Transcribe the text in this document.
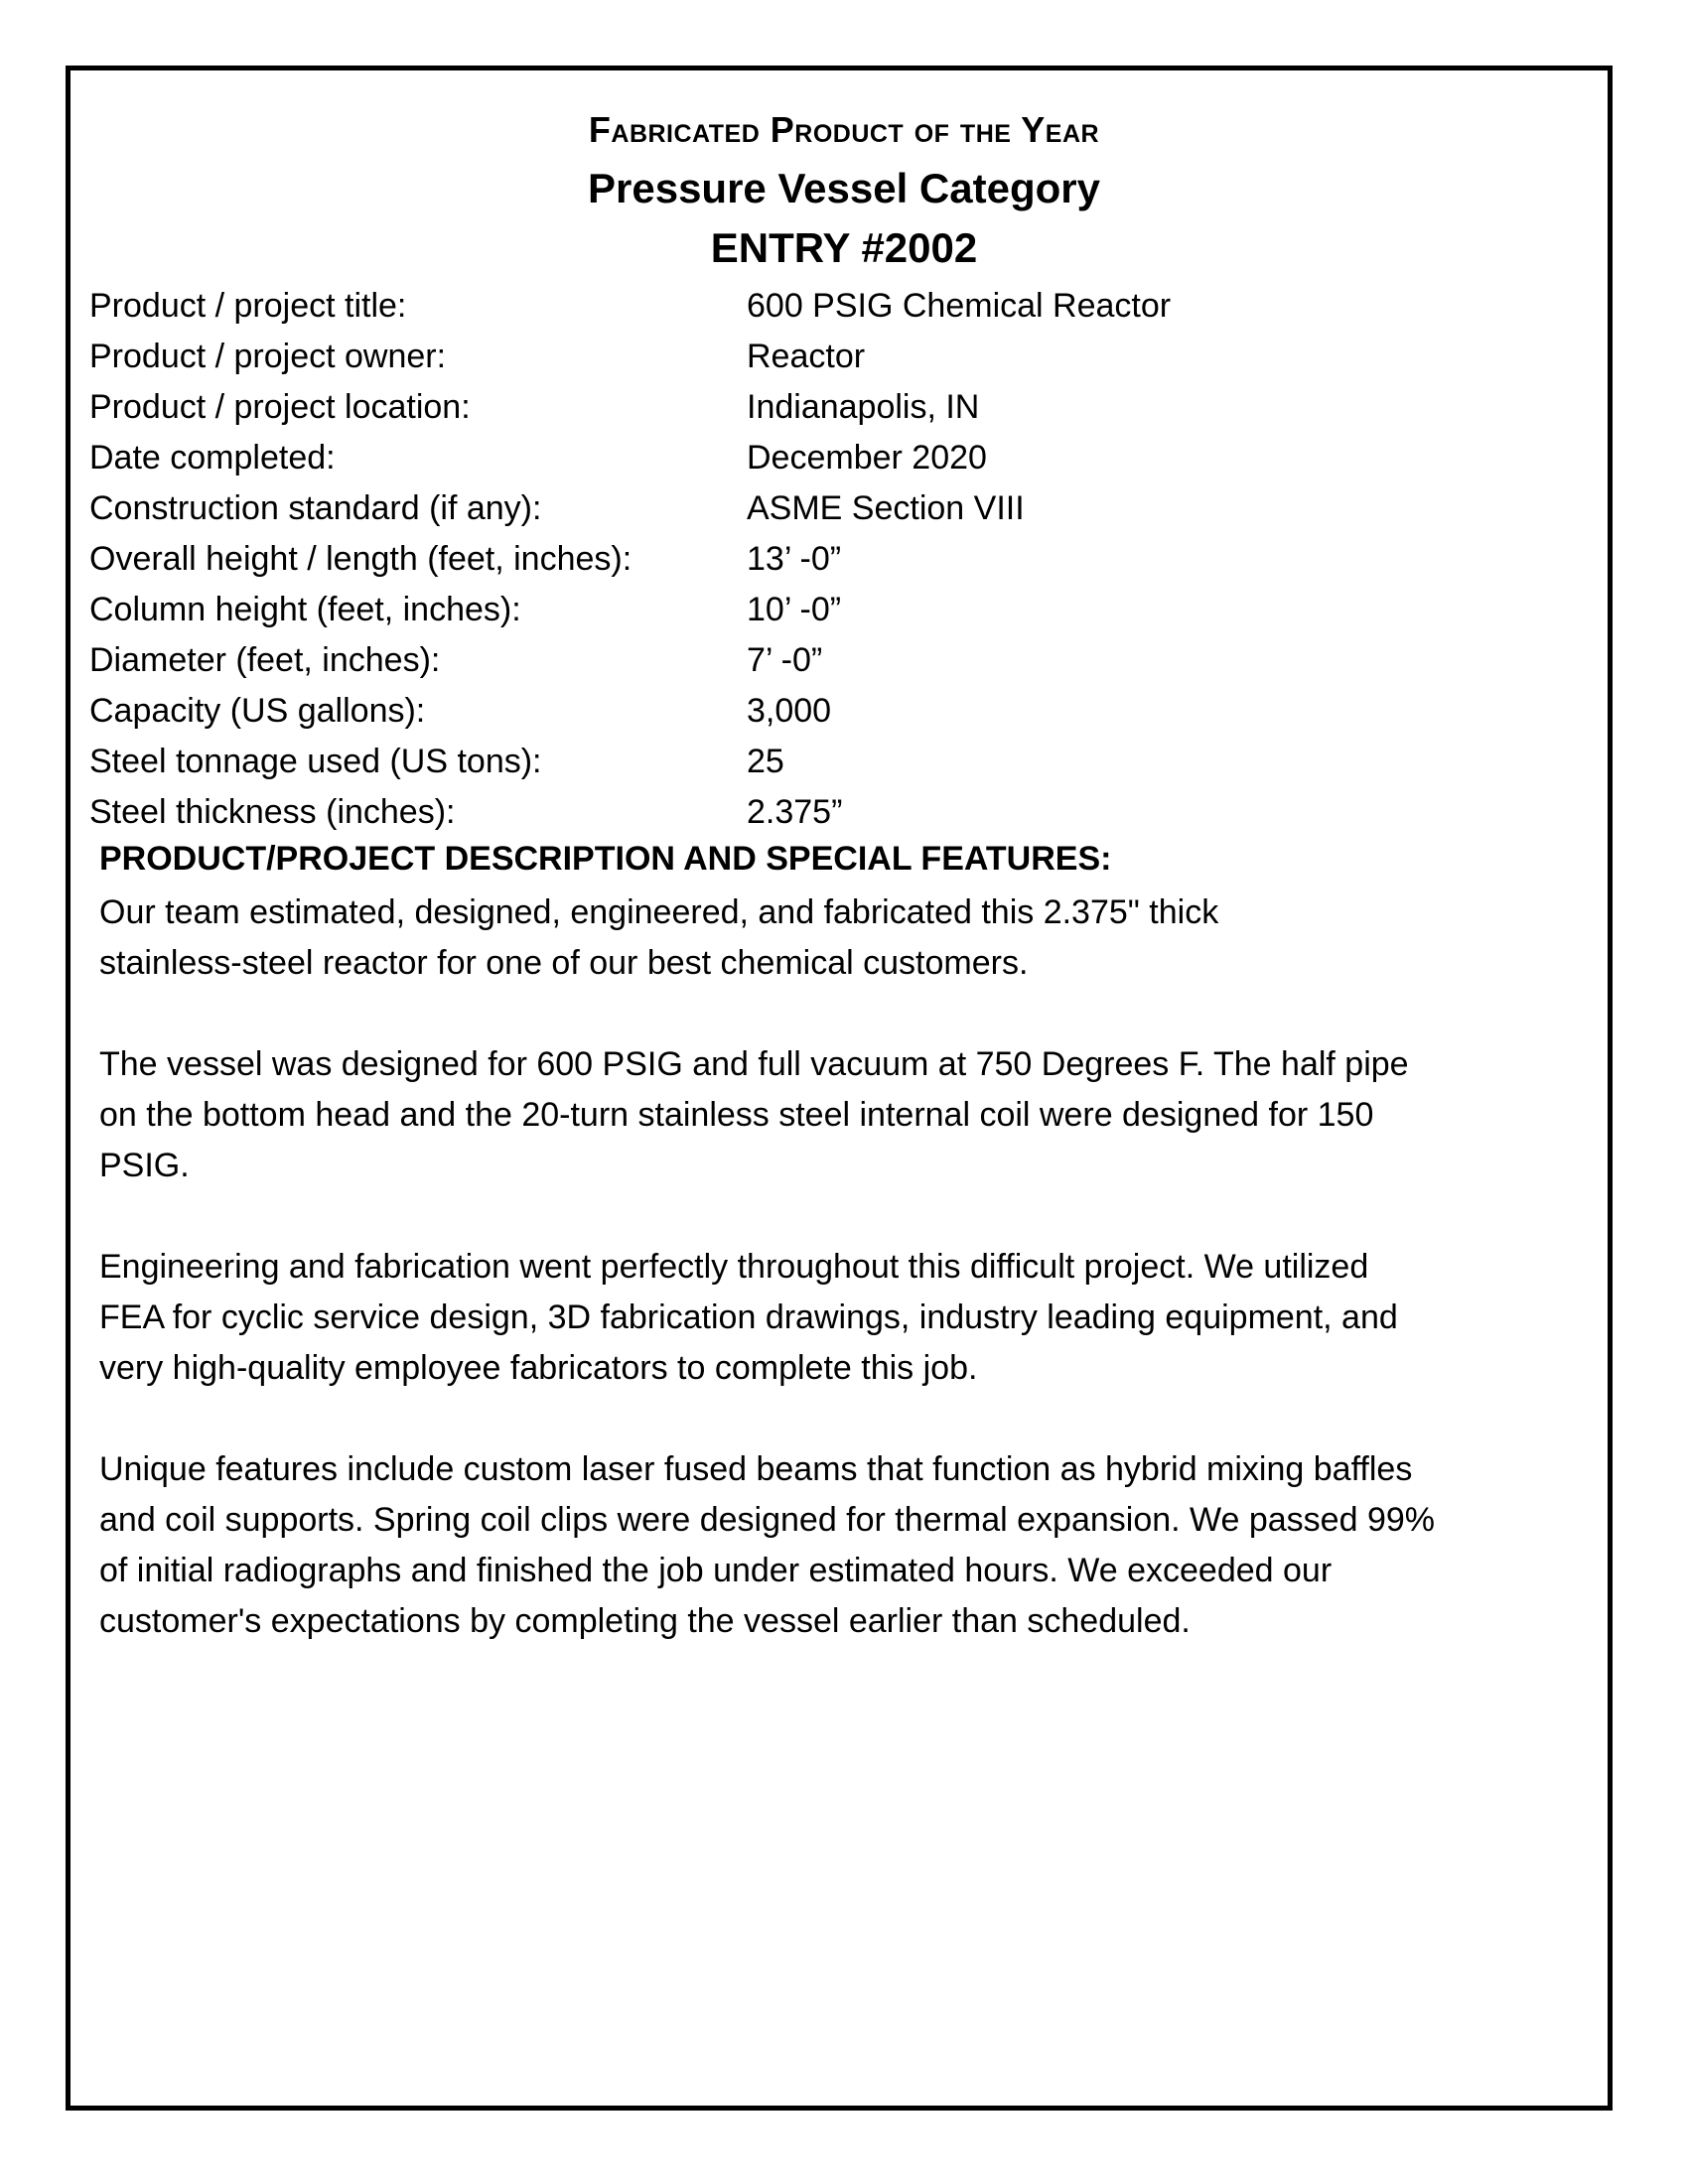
Fabricated Product of the Year
Pressure Vessel Category
ENTRY #2002
Product / project title:	600 PSIG Chemical Reactor
Product / project owner:	Reactor
Product / project location:	Indianapolis, IN
Date completed:	December 2020
Construction standard (if any):	ASME Section VIII
Overall height / length (feet, inches):	13’ -0”
Column height (feet, inches):	10’ -0”
Diameter (feet, inches):	7’ -0”
Capacity (US gallons):	3,000
Steel tonnage used (US tons):	25
Steel thickness (inches):	2.375”
PRODUCT/PROJECT DESCRIPTION AND SPECIAL FEATURES:

Our team estimated, designed, engineered, and fabricated this 2.375" thick
stainless-steel reactor for one of our best chemical customers.

The vessel was designed for 600 PSIG and full vacuum at 750 Degrees F. The half pipe
on the bottom head and the 20-turn stainless steel internal coil were designed for 150
PSIG.

Engineering and fabrication went perfectly throughout this difficult project. We utilized
FEA for cyclic service design, 3D fabrication drawings, industry leading equipment, and
very high-quality employee fabricators to complete this job.

Unique features include custom laser fused beams that function as hybrid mixing baffles
and coil supports. Spring coil clips were designed for thermal expansion. We passed 99%
of initial radiographs and finished the job under estimated hours. We exceeded our
customer's expectations by completing the vessel earlier than scheduled.
